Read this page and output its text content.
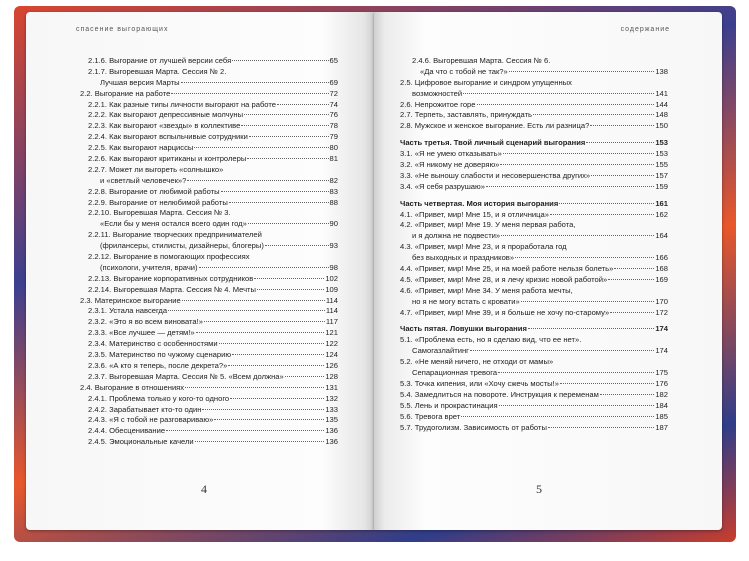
спасение выгорающих
2.1.6. Выгорание от лучшей версии себя	65
2.1.7. Выгоревшая Марта. Сессия № 2.
Лучшая версия Марты	69
2.2. Выгорание на работе	72
2.2.1. Как разные типы личности выгорают на работе	74
2.2.2. Как выгорают депрессивные молчуны	76
2.2.3. Как выгорают «звезды» в коллективе	78
2.2.4. Как выгорают вспыльчивые сотрудники	79
2.2.5. Как выгорают нарциссы	80
2.2.6. Как выгорают критиканы и контролеры	81
2.2.7. Может ли выгореть «солнышко»
и «светлый человечек»?	82
2.2.8. Выгорание от любимой работы	83
2.2.9. Выгорание от нелюбимой работы	88
2.2.10. Выгоревшая Марта. Сессия № 3.
«Если бы у меня остался всего один год»	90
2.2.11. Выгорание творческих предпринимателей
(фрилансеры, стилисты, дизайнеры, блогеры)	93
2.2.12. Выгорание в помогающих профессиях
(психологи, учителя, врачи)	98
2.2.13. Выгорание корпоративных сотрудников	102
2.2.14. Выгоревшая Марта. Сессия № 4. Мечты	109
2.3. Материнское выгорание	114
2.3.1. Устала навсегда	114
2.3.2. «Это я во всем виновата!»	117
2.3.3. «Все лучшее — детям!»	121
2.3.4. Материнство с особенностями	122
2.3.5. Материнство по чужому сценарию	124
2.3.6. «А кто я теперь, после декрета?»	126
2.3.7. Выгоревшая Марта. Сессия № 5. «Всем должна»	128
2.4. Выгорание в отношениях	131
2.4.1. Проблема только у кого-то одного	132
2.4.2. Зарабатывает кто-то один	133
2.4.3. «Я с тобой не разговариваю»	135
2.4.4. Обесценивание	136
2.4.5. Эмоциональные качели	136
4
содержание
2.4.6. Выгоревшая Марта. Сессия № 6.
«Да что с тобой не так?»	138
2.5. Цифровое выгорание и синдром упущенных
возможностей	141
2.6. Непрожитое горе	144
2.7. Терпеть, заставлять, принуждать	148
2.8. Мужское и женское выгорание. Есть ли разница?	150
Часть третья. Твой личный сценарий выгорания	153
3.1. «Я не умею отказывать»	153
3.2. «Я никому не доверяю»	155
3.3. «Не выношу слабости и несовершенства других»	157
3.4. «Я себя разрушаю»	159
Часть четвертая. Моя история выгорания	161
4.1. «Привет, мир! Мне 15, и я отличница»	162
4.2. «Привет, мир! Мне 19. У меня первая работа,
и я должна не подвести»	164
4.3. «Привет, мир! Мне 23, и я проработала год
без выходных и праздников»	166
4.4. «Привет, мир! Мне 25, и на моей работе нельзя болеть»	168
4.5. «Привет, мир! Мне 28, и я лечу кризис новой работой»	169
4.6. «Привет, мир! Мне 34. У меня работа мечты,
но я не могу встать с кровати»	170
4.7. «Привет, мир! Мне 39, и я больше не хочу по-старому»	172
Часть пятая. Ловушки выгорания	174
5.1. «Проблема есть, но я сделаю вид, что ее нет».
Самогазлайтинг	174
5.2. «Не меняй ничего, не отходи от мамы»
Сепарационная тревога	175
5.3. Точка кипения, или «Хочу сжечь мосты!»	176
5.4. Замедлиться на повороте. Инструкция к переменам	182
5.5. Лень и прокрастинация	184
5.6. Тревога врет	185
5.7. Трудоголизм. Зависимость от работы	187
5
